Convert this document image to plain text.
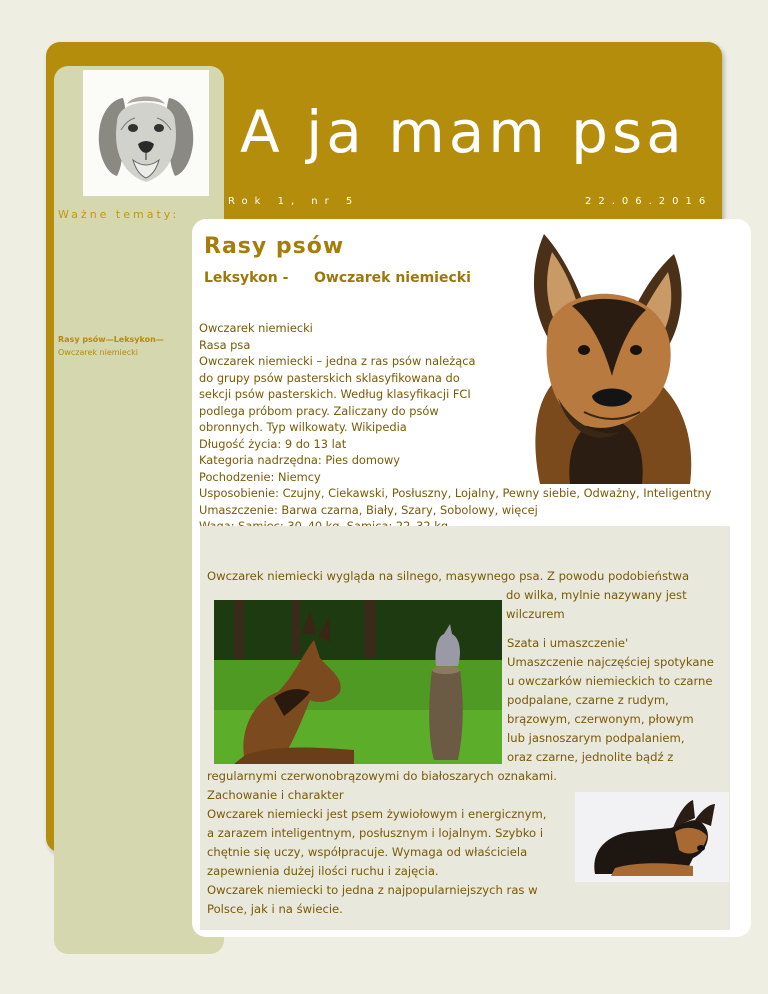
A ja mam psa
Rok 1, nr 5	22.06.2016
Ważne tematy:
Rasy psów—Leksykon—
Owczarek niemiecki
Rasy psów
Leksykon - Owczarek niemiecki
Owczarek niemiecki
Rasa psa
Owczarek niemiecki – jedna z ras psów należąca
do grupy psów pasterskich sklasyfikowana do
sekcji psów pasterskich. Według klasyfikacji FCI
podlega próbom pracy. Zaliczany do psów
obronnych. Typ wilkowaty. Wikipedia
Długość życia: 9 do 13 lat
Kategoria nadrzędna: Pies domowy
Pochodzenie: Niemcy
Usposobienie: Czujny, Ciekawski, Posłuszny, Lojalny, Pewny siebie, Odważny, Inteligentny
Umaszczenie: Barwa czarna, Biały, Szary, Sobolowy, więcej
Owczarek niemiecki wygląda na silnego, masywnego psa. Z powodu podobieństwa
do wilka, mylnie nazywany jest
wilczurem
Szata i umaszczenie'
Umaszczenie najczęściej spotykane
u owczarków niemieckich to czarne
podpalane, czarne z rudym,
brązowym, czerwonym, płowym
lub jasnoszarym podpalaniem,
oraz czarne, jednolite bądź z
regularnymi czerwonobrązowymi do białoszarych oznakami.
Zachowanie i charakter
Owczarek niemiecki jest psem żywiołowym i energicznym,
a zarazem inteligentnym, posłusznym i lojalnym. Szybko i
chętnie się uczy, współpracuje. Wymaga od właściciela
zapewnienia dużej ilości ruchu i zajęcia.
Owczarek niemiecki to jedna z najpopularniejszych ras w
Polsce, jak i na świecie.
